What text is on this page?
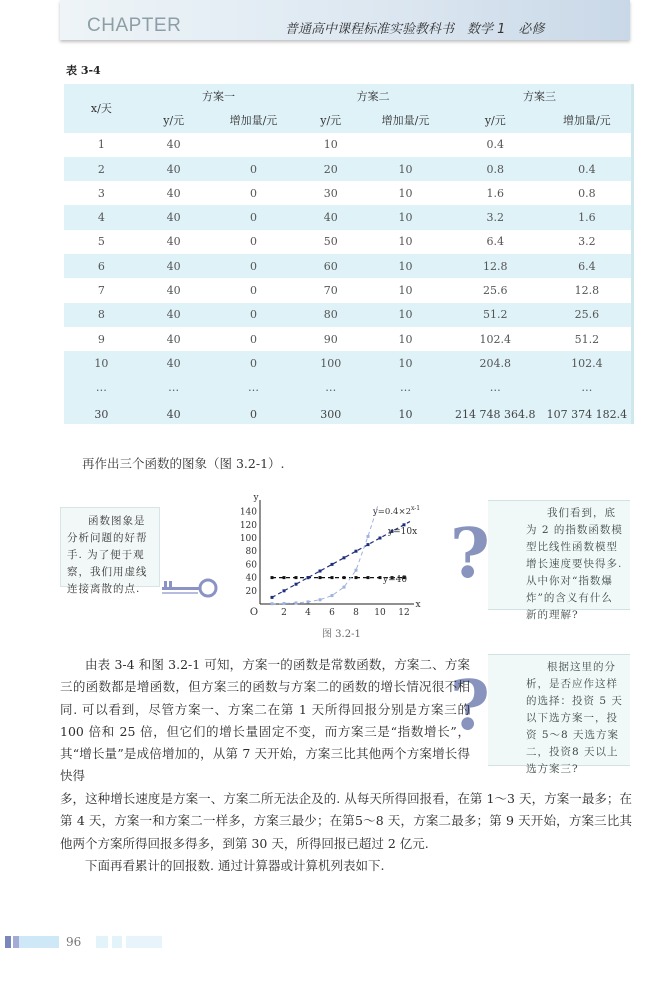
CHAPTER	普通高中课程标准实验教科书　数学 1　必修
表 3-4
x/天	方案一		方案二		方案三	
	y/元	增加量/元	y/元	增加量/元	y/元	增加量/元
1	40		10		0.4	
2	40	0	20	10	0.8	0.4
3	40	0	30	10	1.6	0.8
4	40	0	40	10	3.2	1.6
5	40	0	50	10	6.4	3.2
6	40	0	60	10	12.8	6.4
7	40	0	70	10	25.6	12.8
8	40	0	80	10	51.2	25.6
9	40	0	90	10	102.4	51.2
10	40	0	100	10	204.8	102.4
…	…	…	…	…	…	…
30	40	0	300	10	214 748 364.8	107 374 182.4
再作出三个函数的图象（图 3.2-1）.
函数图象是分析问题的好帮手. 为了便于观察，我们用虚线连接离散的点.
2 4 6 8 10 12
20
40
60
80
100
120
140
O
x
y
$y=0.4\times 2^{x-1}$
y=10x
y=40
图 3.2-1
我们看到，底为 2 的指数函数模型比线性函数模型增长速度要快得多. 从中你对“指数爆炸”的含义有什么新的理解?
?
根据这里的分析，是否应作这样的选择：投资 5 天以下选方案一，投资 5～8 天选方案二，投资8 天以上选方案三?
?
由表 3-4 和图 3.2-1 可知，方案一的函数是常数函数，方案二、方案三的函数都是增函数，但方案三的函数与方案二的函数的增长情况很不相同. 可以看到，尽管方案一、方案二在第 1 天所得回报分别是方案三的 100 倍和 25 倍，但它们的增长量固定不变，而方案三是“指数增长”，其“增长量”是成倍增加的，从第 7 天开始，方案三比其他两个方案增长得快得
多，这种增长速度是方案一、方案二所无法企及的. 从每天所得回报看，在第 1～3 天，方案一最多；在第 4 天，方案一和方案二一样多，方案三最少；在第5～8 天，方案二最多；第 9 天开始，方案三比其他两个方案所得回报多得多，到第 30 天，所得回报已超过 2 亿元.
下面再看累计的回报数. 通过计算器或计算机列表如下.
96
